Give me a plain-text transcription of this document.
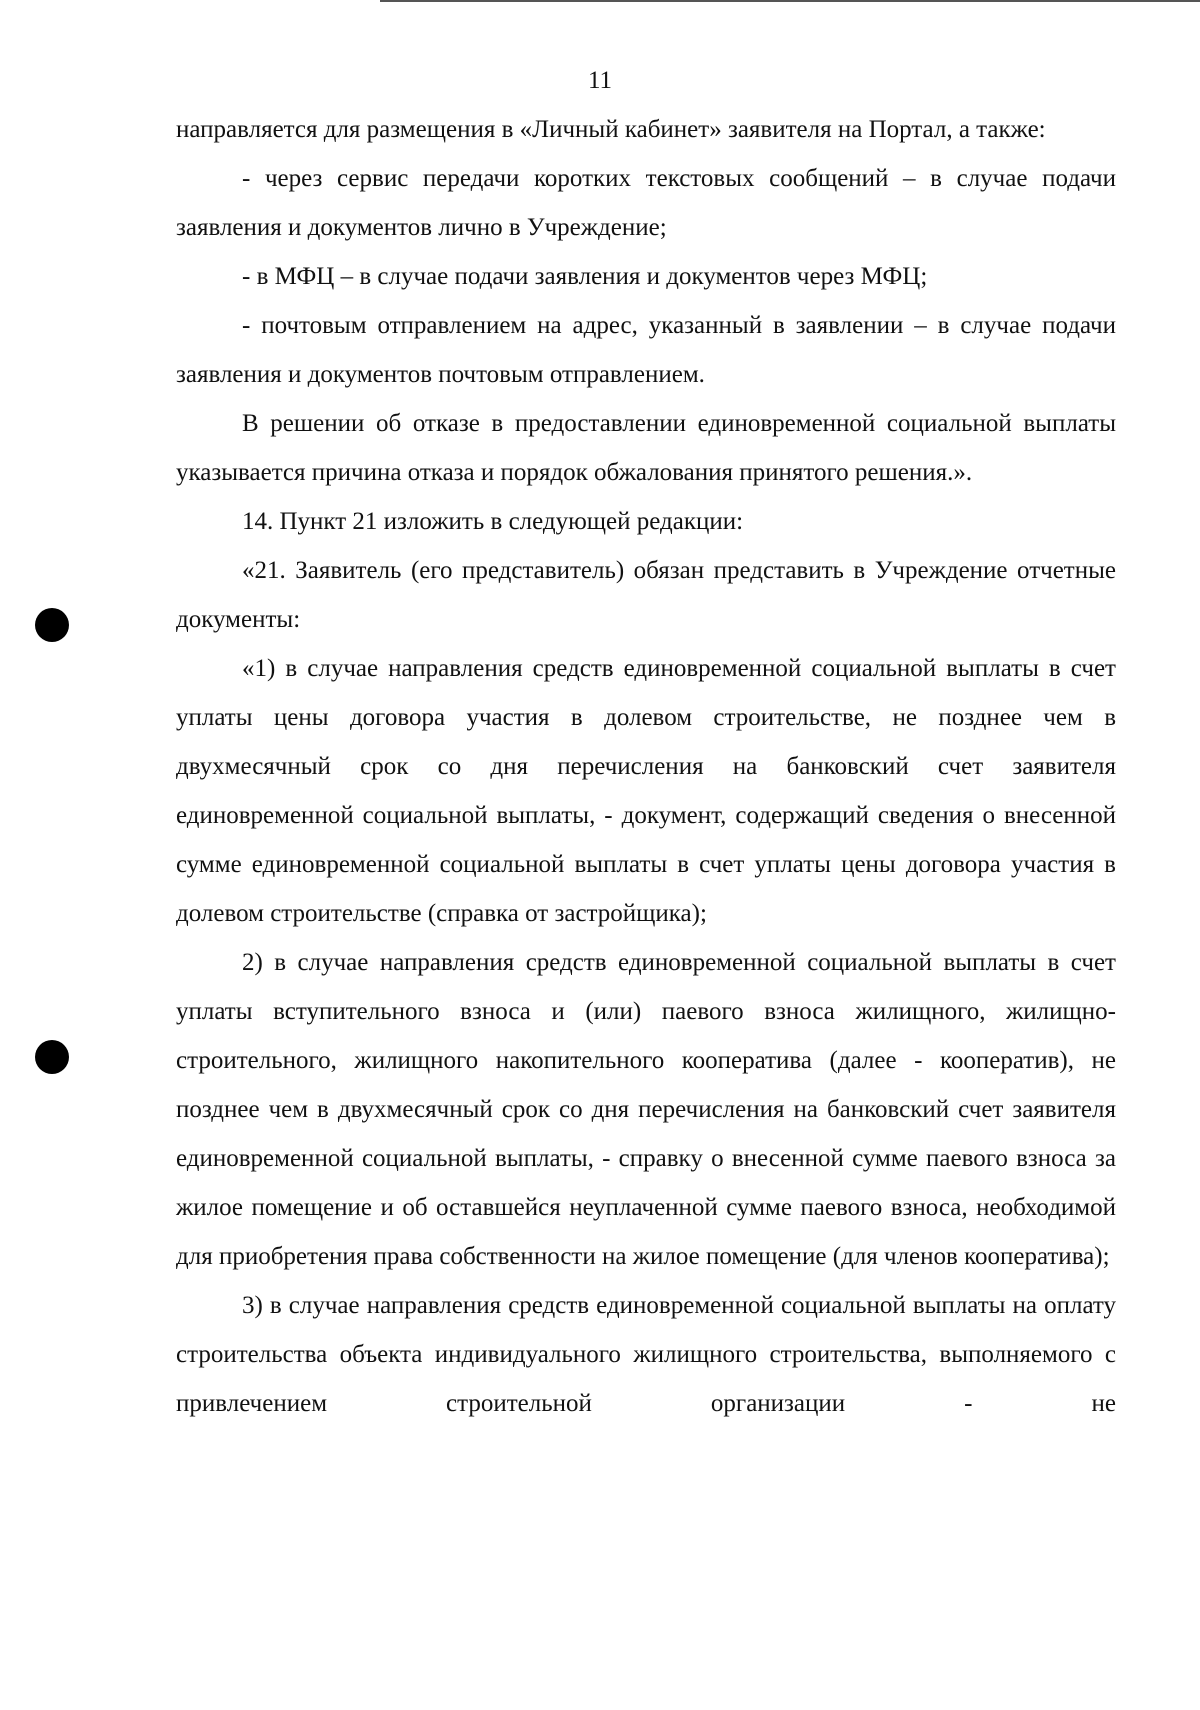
11

направляется для размещения в «Личный кабинет» заявителя на Портал, а также:

- через сервис передачи коротких текстовых сообщений – в случае подачи заявления и документов лично в Учреждение;

- в МФЦ – в случае подачи заявления и документов через МФЦ;

- почтовым отправлением на адрес, указанный в заявлении – в случае подачи заявления и документов почтовым отправлением.

В решении об отказе в предоставлении единовременной социальной выплаты указывается причина отказа и порядок обжалования принятого решения.».

14. Пункт 21 изложить в следующей редакции:

«21. Заявитель (его представитель) обязан представить в Учреждение отчетные документы:

«1) в случае направления средств единовременной социальной выплаты в счет уплаты цены договора участия в долевом строительстве, не позднее чем в двухмесячный срок со дня перечисления на банковский счет заявителя единовременной социальной выплаты, - документ, содержащий сведения о внесенной сумме единовременной социальной выплаты в счет уплаты цены договора участия в долевом строительстве (справка от застройщика);

2) в случае направления средств единовременной социальной выплаты в счет уплаты вступительного взноса и (или) паевого взноса жилищного, жилищно-строительного, жилищного накопительного кооператива (далее - кооператив), не позднее чем в двухмесячный срок со дня перечисления на банковский счет заявителя единовременной социальной выплаты, - справку о внесенной сумме паевого взноса за жилое помещение и об оставшейся неуплаченной сумме паевого взноса, необходимой для приобретения права собственности на жилое помещение (для членов кооператива);

3) в случае направления средств единовременной социальной выплаты на оплату строительства объекта индивидуального жилищного строительства, выполняемого с привлечением строительной организации - не
